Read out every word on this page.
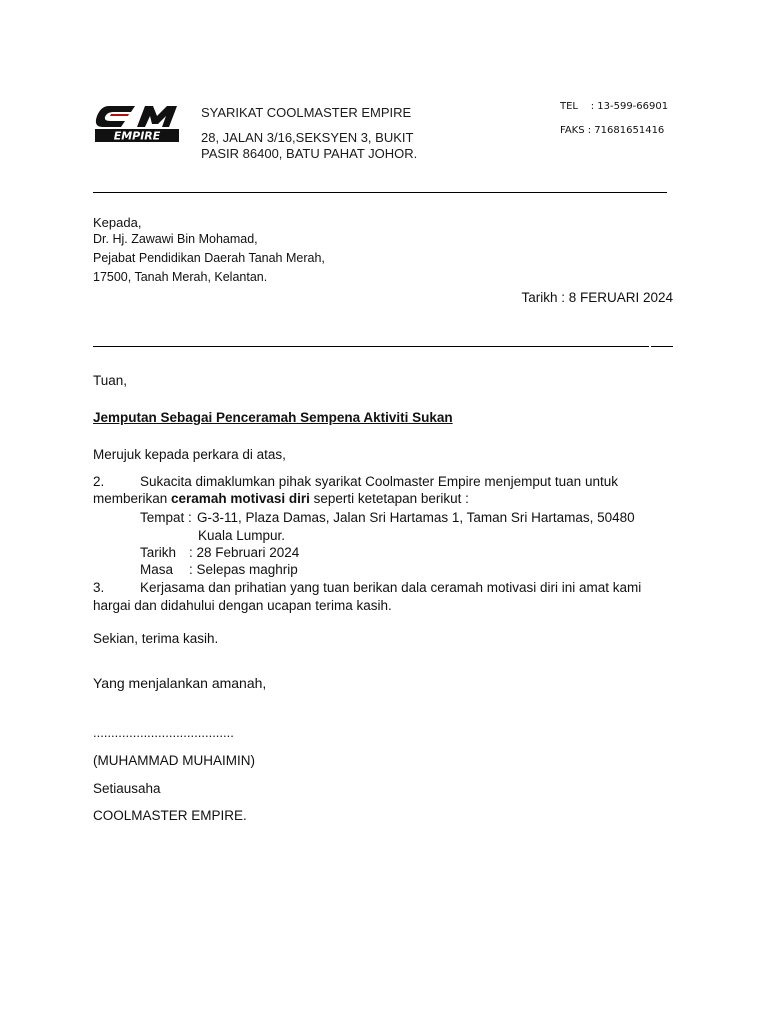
EMPIRE
SYARIKAT COOLMASTER EMPIRE
28, JALAN 3/16,SEKSYEN 3, BUKIT
PASIR 86400, BATU PAHAT JOHOR.
TEL    : 13-599-66901
FAKS : 71681651416
Kepada,
Dr. Hj. Zawawi Bin Mohamad,
Pejabat Pendidikan Daerah Tanah Merah,
17500, Tanah Merah, Kelantan.
Tarikh : 8 FERUARI 2024
Tuan,
Jemputan Sebagai Penceramah Sempena Aktiviti Sukan
Merujuk kepada perkara di atas,
2.	Sukacita dimaklumkan pihak syarikat Coolmaster Empire menjemput tuan untuk
memberikan ceramah motivasi diri seperti ketetapan berikut :
Tempat : G-3-11, Plaza Damas, Jalan Sri Hartamas 1, Taman Sri Hartamas, 50480
Kuala Lumpur.
Tarikh : 28 Februari 2024
Masa : Selepas maghrip
3.	Kerjasama dan prihatian yang tuan berikan dala ceramah motivasi diri ini amat kami
hargai dan didahului dengan ucapan terima kasih.
Sekian, terima kasih.
Yang menjalankan amanah,
.......................................
(MUHAMMAD MUHAIMIN)
Setiausaha
COOLMASTER EMPIRE.
